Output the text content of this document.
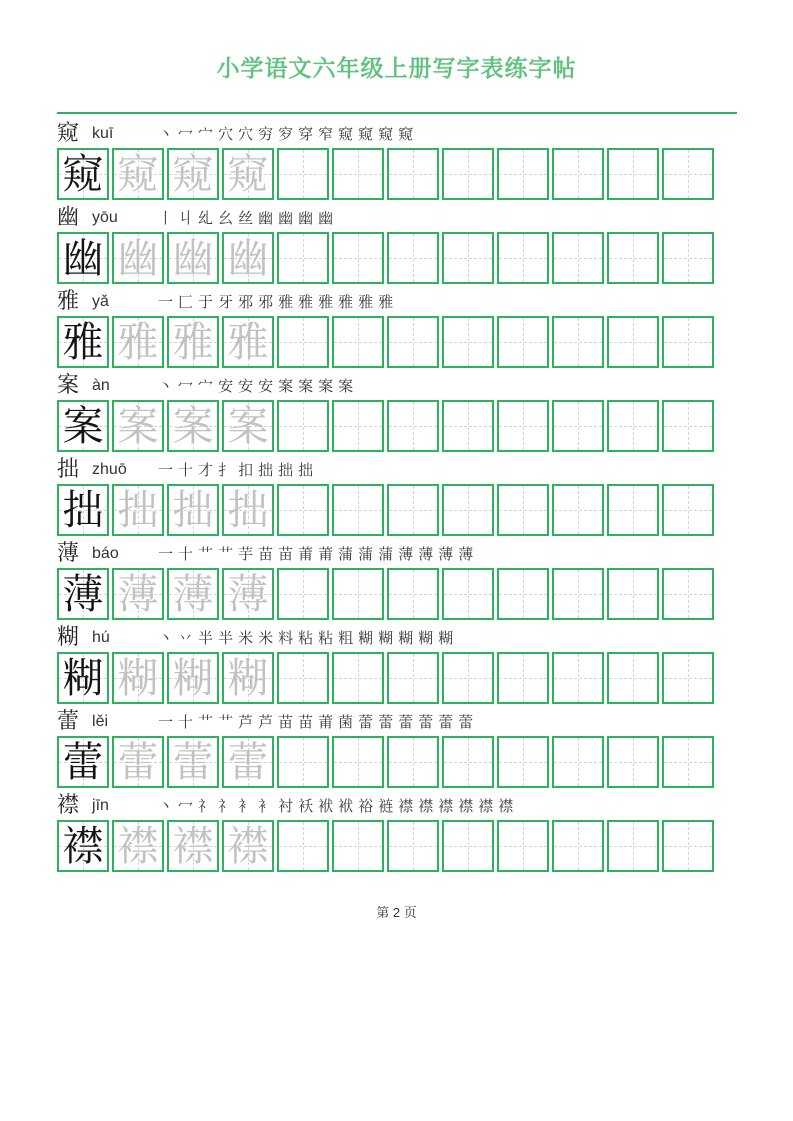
小学语文六年级上册写字表练字帖
窥 kuī	丶 冖 宀 穴 穴 穷 穸 穿 窄 窥 窥 窥 窥
窥 窥 窥 窥
幽 yōu	丨 丩 乣 幺 丝 幽 幽 幽 幽
幽 幽 幽 幽
雅 yǎ	一 匚 于 牙 邪 邪 雅 雅 雅 雅 雅 雅
雅 雅 雅 雅
案 àn	丶 冖 宀 安 安 安 案 案 案 案
案 案 案 案
拙 zhuō	一 十 才 扌 扣 拙 拙 拙
拙 拙 拙 拙
薄 báo	一 十 艹 艹 芋 苗 苗 莆 莆 蒲 蒲 蒲 薄 薄 薄 薄
薄 薄 薄 薄
糊 hú	丶 丷 半 半 米 米 料 粘 粘 粗 糊 糊 糊 糊 糊
糊 糊 糊 糊
蕾 lěi	一 十 艹 艹 芦 芦 苗 苗 莆 菌 蕾 蕾 蕾 蕾 蕾 蕾
蕾 蕾 蕾 蕾
襟 jīn	丶 冖 礻 礻 衤 衤 衬 袄 袱 袱 裕 裢 襟 襟 襟 襟 襟 襟
襟 襟 襟 襟
第 2 页
